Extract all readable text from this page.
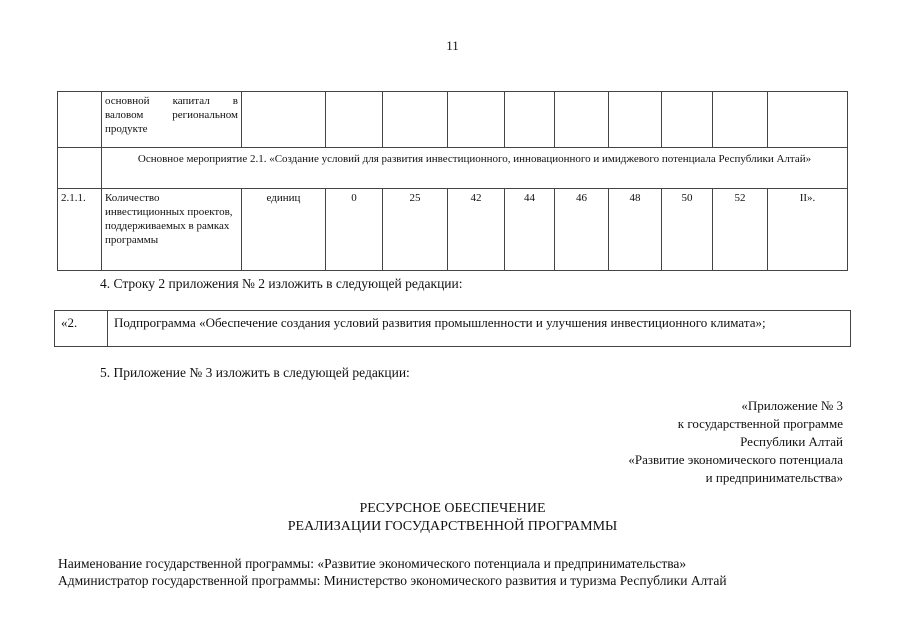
11
	основной капитал в валовом региональном продукте										
	Основное мероприятие 2.1. «Создание условий для развития инвестиционного, инновационного и имиджевого потенциала Республики Алтай»										
2.1.1.	Количество инвестиционных проектов, поддерживаемых в рамках программы	единиц	0	25	42	44	46	48	50	52	II».
4. Строку 2 приложения № 2 изложить в следующей редакции:
«2.	Подпрограмма «Обеспечение создания условий развития промышленности и улучшения инвестиционного климата»;
5. Приложение № 3 изложить в следующей редакции:
«Приложение № 3
к государственной программе
Республики Алтай
«Развитие экономического потенциала
и предпринимательства»
РЕСУРСНОЕ ОБЕСПЕЧЕНИЕ
РЕАЛИЗАЦИИ ГОСУДАРСТВЕННОЙ ПРОГРАММЫ
Наименование государственной программы: «Развитие экономического потенциала и предпринимательства»
Администратор государственной программы: Министерство экономического развития и туризма Республики Алтай
